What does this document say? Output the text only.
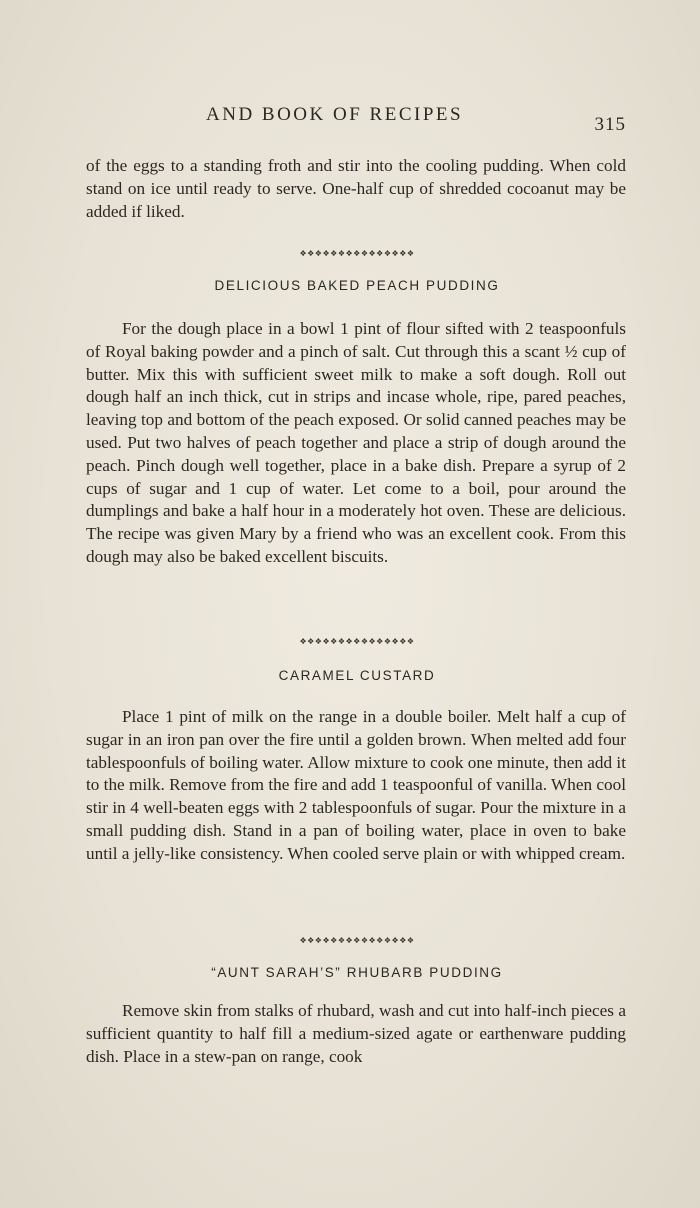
AND BOOK OF RECIPES	315

of the eggs to a standing froth and stir into the cooling pudding. When cold stand on ice until ready to serve. One-half cup of shredded cocoanut may be added if liked.

❖❖❖❖❖❖❖❖❖❖❖❖❖❖❖
DELICIOUS BAKED PEACH PUDDING

For the dough place in a bowl 1 pint of flour sifted with 2 teaspoonfuls of Royal baking powder and a pinch of salt. Cut through this a scant ½ cup of butter. Mix this with sufficient sweet milk to make a soft dough. Roll out dough half an inch thick, cut in strips and incase whole, ripe, pared peaches, leaving top and bottom of the peach exposed. Or solid canned peaches may be used. Put two halves of peach together and place a strip of dough around the peach. Pinch dough well together, place in a bake dish. Prepare a syrup of 2 cups of sugar and 1 cup of water. Let come to a boil, pour around the dumplings and bake a half hour in a moderately hot oven. These are delicious. The recipe was given Mary by a friend who was an excellent cook. From this dough may also be baked excellent biscuits.

❖❖❖❖❖❖❖❖❖❖❖❖❖❖❖
CARAMEL CUSTARD

Place 1 pint of milk on the range in a double boiler. Melt half a cup of sugar in an iron pan over the fire until a golden brown. When melted add four tablespoonfuls of boiling water. Allow mixture to cook one minute, then add it to the milk. Remove from the fire and add 1 teaspoonful of vanilla. When cool stir in 4 well-beaten eggs with 2 tablespoonfuls of sugar. Pour the mixture in a small pudding dish. Stand in a pan of boiling water, place in oven to bake until a jelly-like consistency. When cooled serve plain or with whipped cream.

❖❖❖❖❖❖❖❖❖❖❖❖❖❖❖
“AUNT SARAH’S” RHUBARB PUDDING

Remove skin from stalks of rhubard, wash and cut into half-inch pieces a sufficient quantity to half fill a medium-sized agate or earthenware pudding dish. Place in a stew-pan on range, cook
